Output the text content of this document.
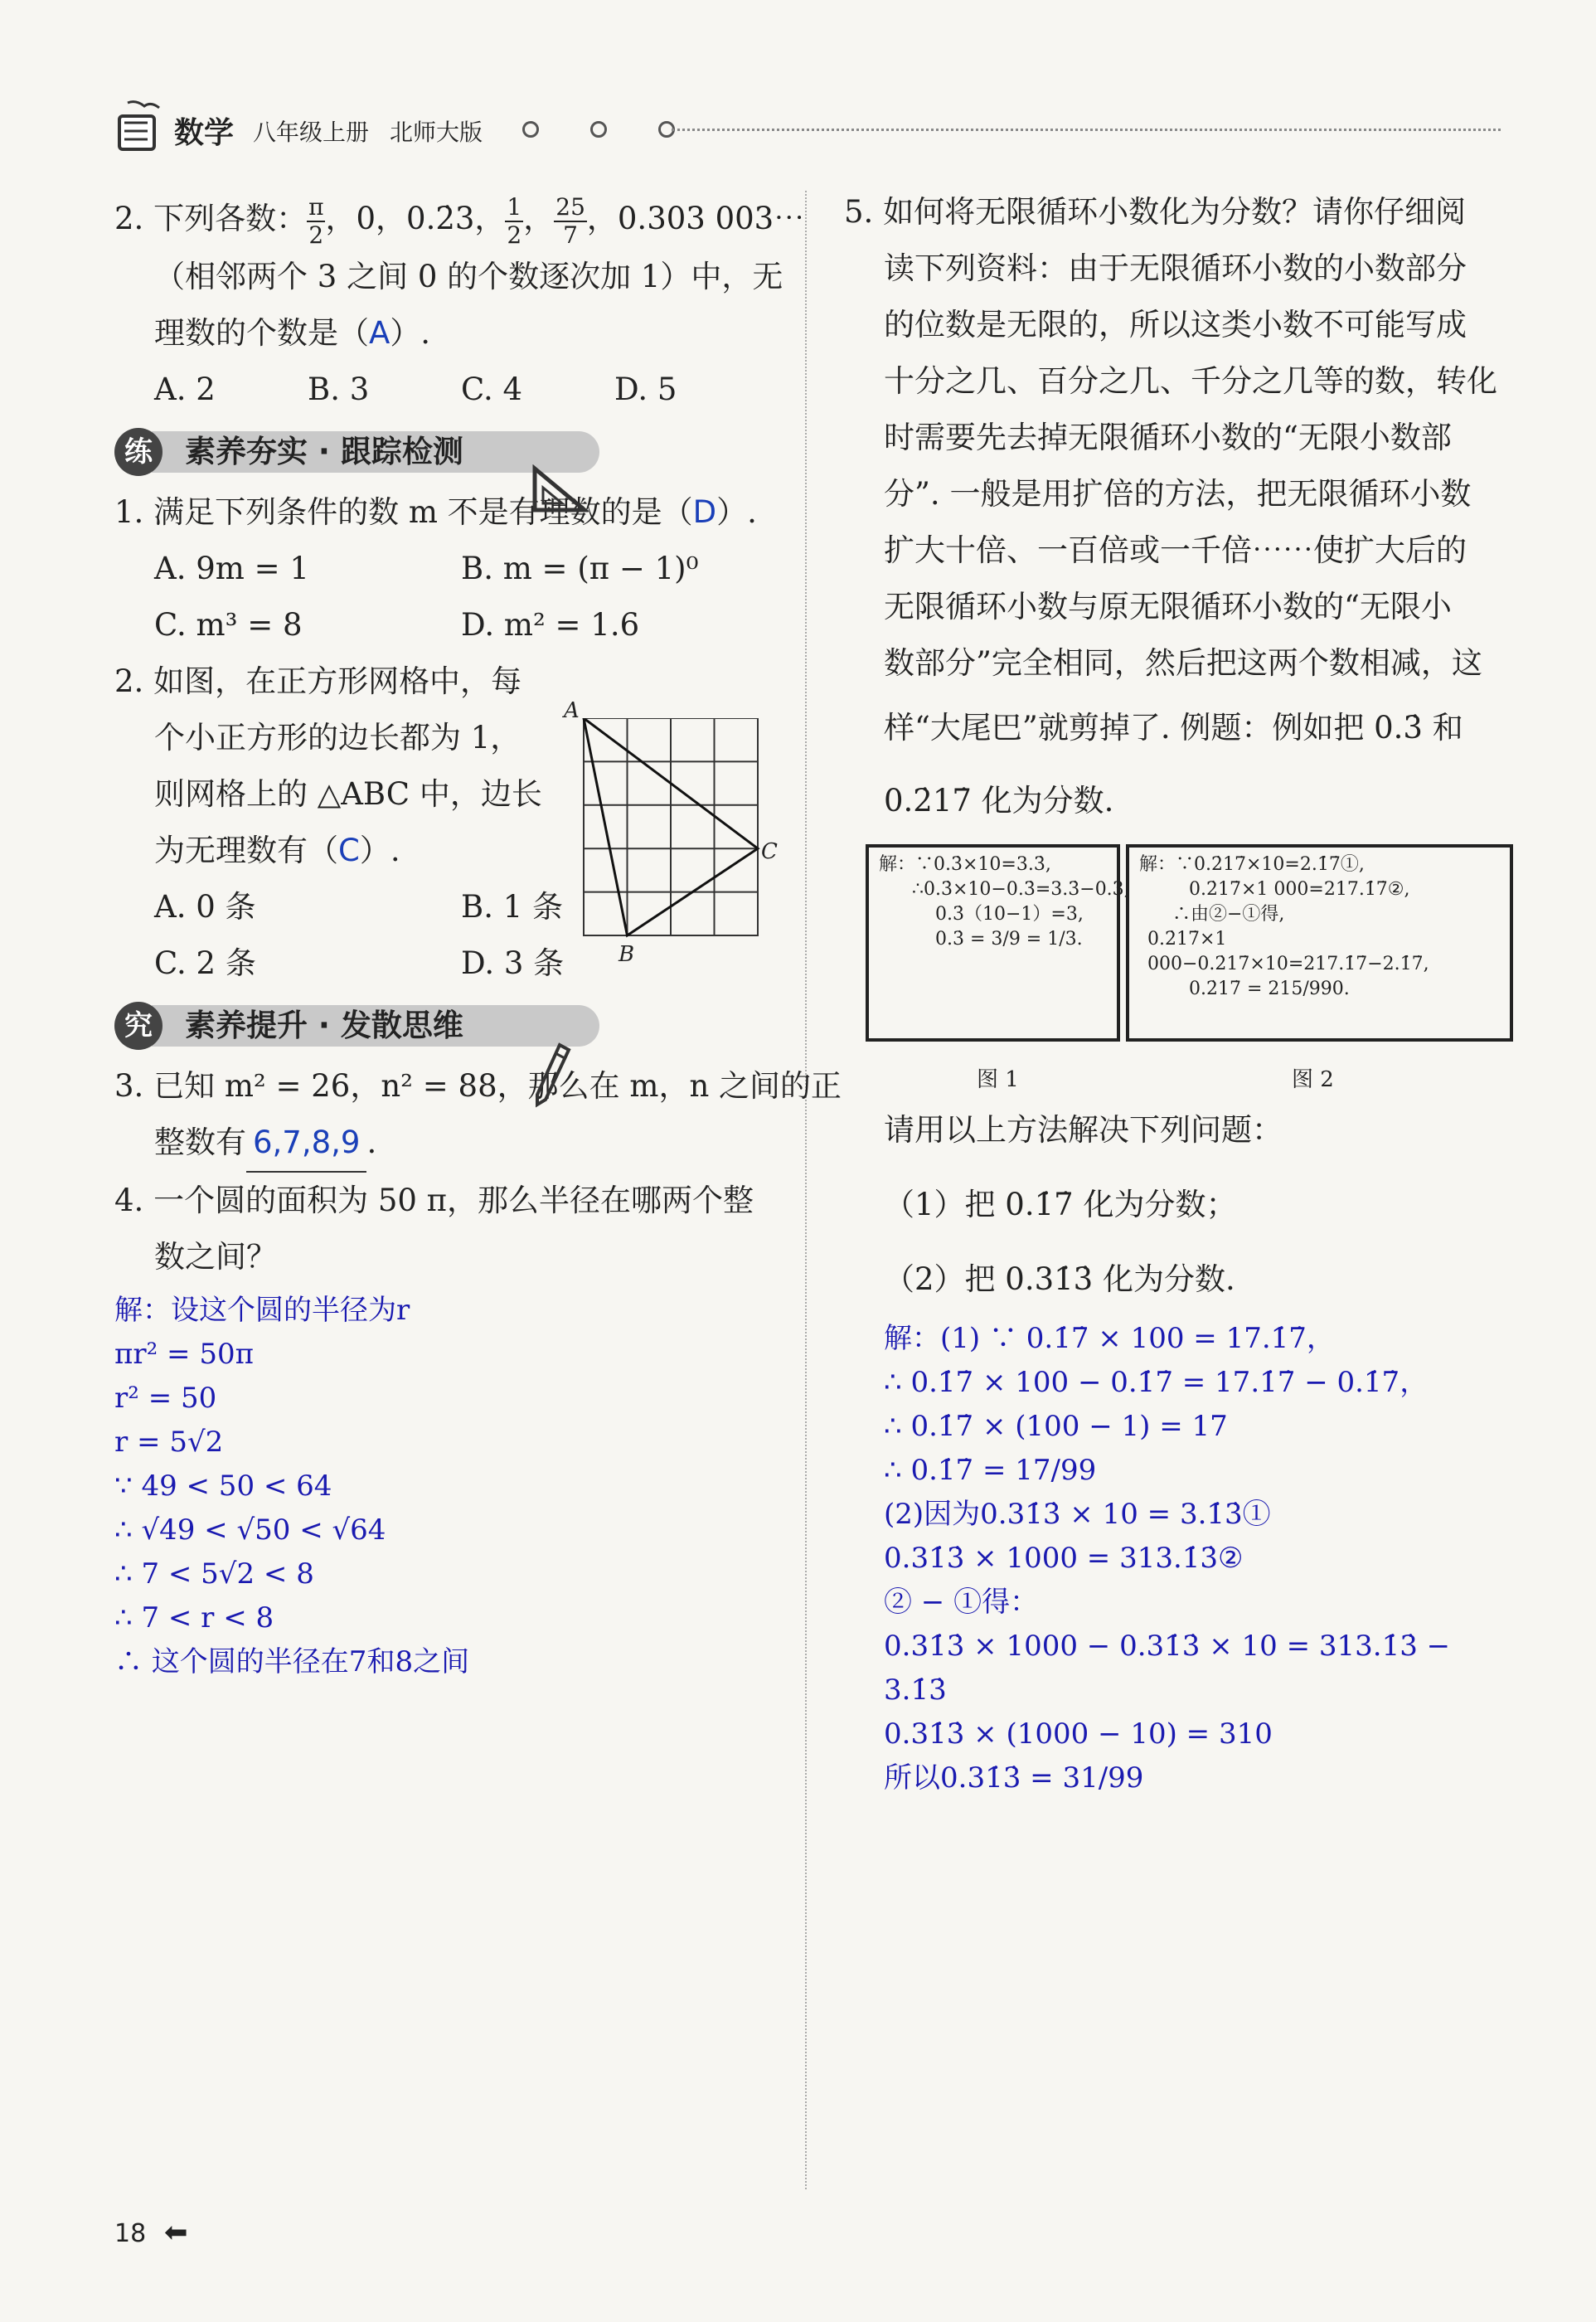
数学 八年级上册 北师大版

2. 下列各数： $\frac{\pi}{2}$ ，0，0.2̇3， $\frac{1}{2}$ ， $\frac{25}{7}$ ，0.303 003⋯

（相邻两个 3 之间 0 的个数逐次加 1）中，无

理数的个数是（A）.

A. 2	B. 3	C. 4	D. 5

练	素养夯实 · 跟踪检测

1. 满足下列条件的数 m 不是有理数的是（D）.

A. 9m = 1	B. m = (π − 1)⁰

C. m³ = 8	D. m² = 1.6

2. 如图，在正方形网格中，每

个小正方形的边长都为 1，

则网格上的 △ABC 中，边长

为无理数有（C）.

A. 0 条	B. 1 条

C. 2 条	D. 3 条

究	素养提升 · 发散思维

3. 已知 m² = 26，n² = 88，那么在 m，n 之间的正

整数有 6,7,8,9 .

4. 一个圆的面积为 50 π，那么半径在哪两个整

数之间？

解：设这个圆的半径为r
πr² = 50π
r² = 50
r = 5√2
∵ 49 < 50 < 64
∴ √49 < √50 < √64
∴ 7 < 5√2 < 8
∴ 7 < r < 8
∴ 这个圆的半径在7和8之间
A
B
C

5. 如何将无限循环小数化为分数？请你仔细阅

读下列资料：由于无限循环小数的小数部分

的位数是无限的，所以这类小数不可能写成

十分之几、百分之几、千分之几等的数，转化

时需要先去掉无限循环小数的“无限小数部

分”. 一般是用扩倍的方法，把无限循环小数

扩大十倍、一百倍或一千倍⋯⋯使扩大后的

无限循环小数与原无限循环小数的“无限小

数部分”完全相同，然后把这两个数相减，这

样“大尾巴”就剪掉了. 例题：例如把 0.3̇ 和

0.2̇17̇ 化为分数.

解：∵0.3̇×10=3.3̇,
∴0.3̇×10−0.3̇=3.3̇−0.3̇,
0.3̇（10−1）=3,
0.3̇ = 3/9 = 1/3.
解：∵0.2̇17̇×10=2.1̇7̇①,
0.2̇17̇×1 000=217.1̇7̇②,
∴由②−①得,
0.2̇17̇×1 000−0.2̇17̇×10=217.1̇7̇−2.1̇7̇,
0.2̇17̇ = 215/990.
图 1	图 2

请用以上方法解决下列问题：

（1）把 0.1̇7̇ 化为分数；

（2）把 0.31̇3̇ 化为分数.

解：(1) ∵ 0.1̇7̇ × 100 = 17.1̇7̇，
∴ 0.1̇7̇ × 100 − 0.1̇7̇ = 17.1̇7̇ − 0.1̇7̇，
∴ 0.1̇7̇ × (100 − 1) = 17
∴ 0.1̇7̇ = 17/99
(2)因为0.31̇3̇ × 10 = 3.1̇3̇①
0.31̇3̇ × 1000 = 313.1̇3̇②
② − ①得：
0.31̇3̇ × 1000 − 0.31̇3̇ × 10 = 313.1̇3̇ − 3.1̇3̇
0.31̇3̇ × (1000 − 10) = 310
所以0.31̇3̇ = 31/99
18 ⬅
